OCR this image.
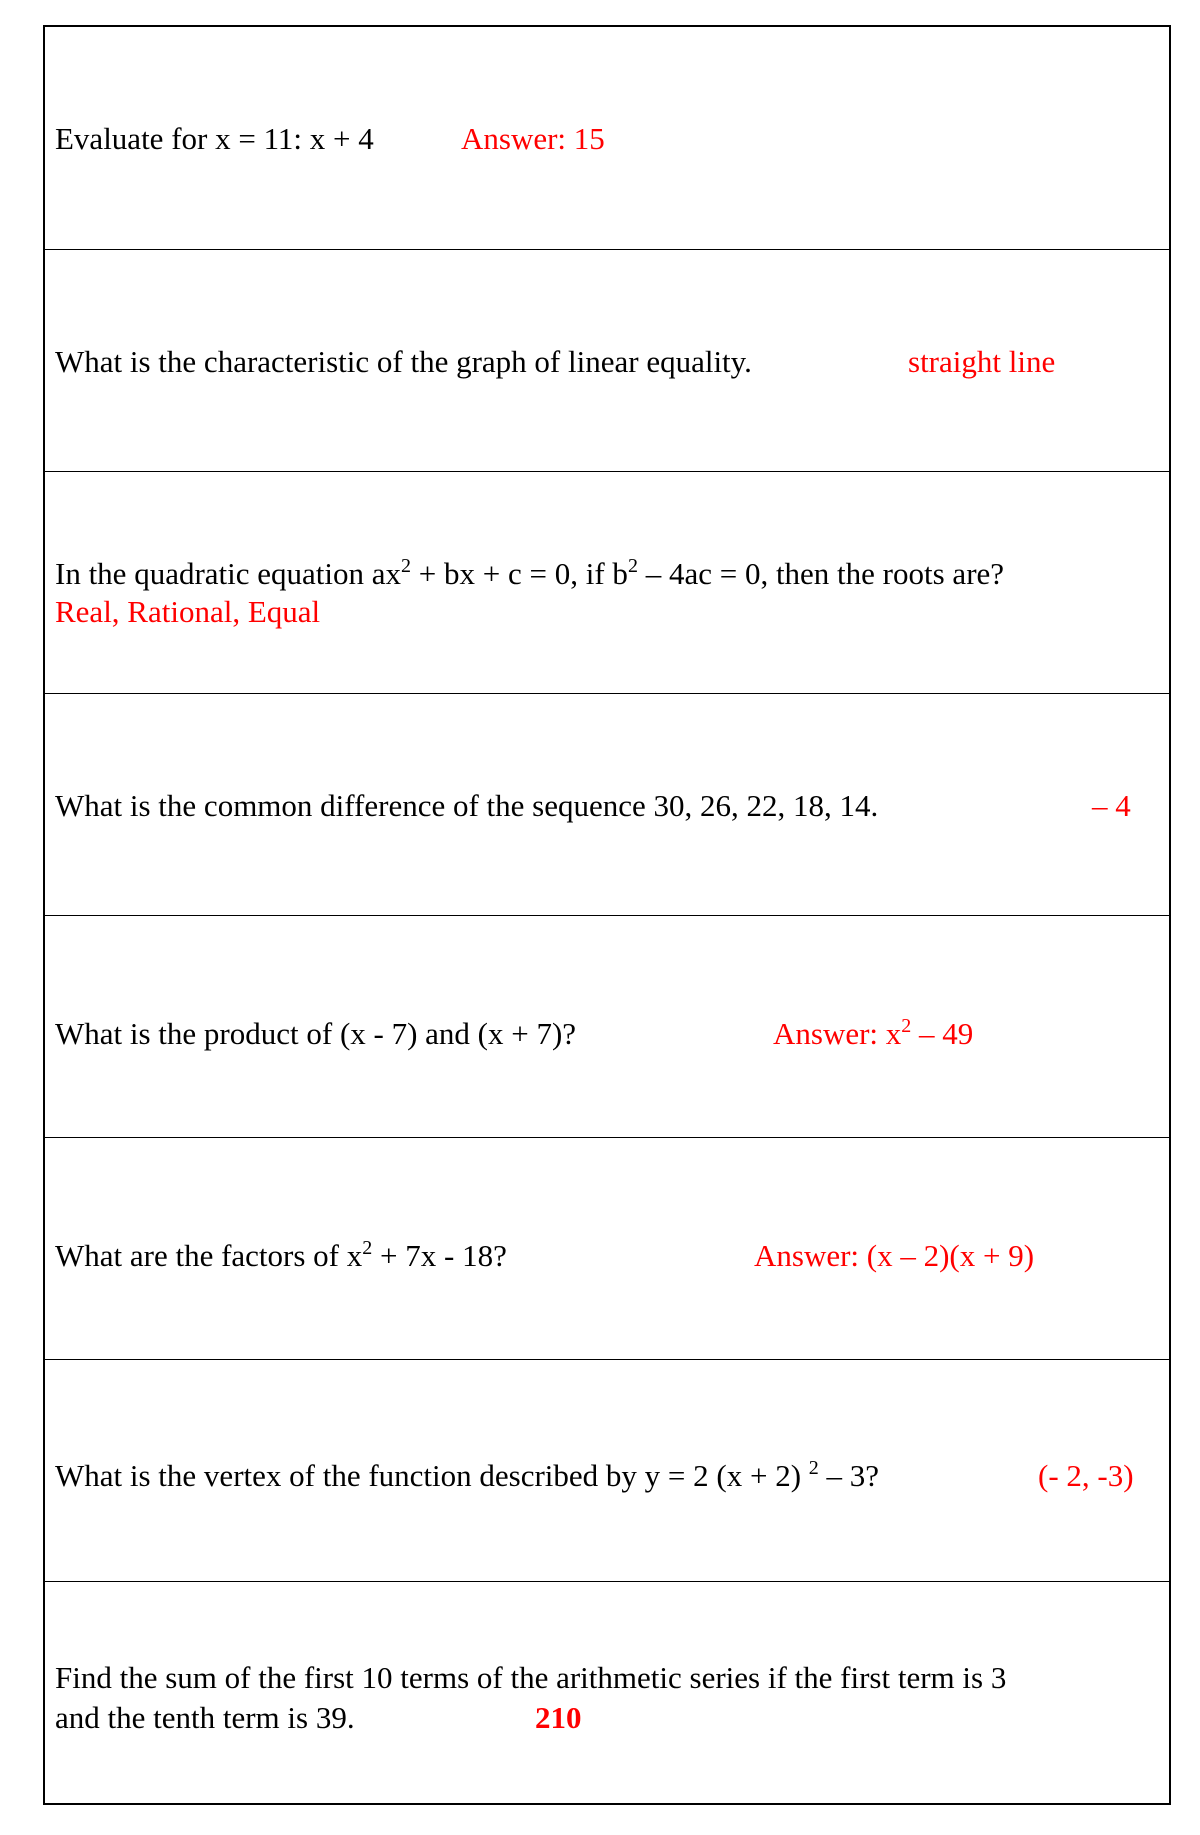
Evaluate for x = 11: x + 4	Answer: 15
What is the characteristic of the graph of linear equality.	straight line
In the quadratic equation $ax^2$ + bx + c = 0, if $b^2 - 4ac = 0$, then the roots are?
Real, Rational, Equal
What is the common difference of the sequence 30, 26, 22, 18, 14.	– 4
What is the product of (x - 7) and (x + 7)?	Answer: $x^2 - 49$
What are the factors of $x^2 + 7x - 18$?	Answer: (x – 2)(x + 9)
What is the vertex of the function described by y = 2 (x + 2) $^2$ – 3?	(- 2, -3)
Find the sum of the first 10 terms of the arithmetic series if the first term is 3
and the tenth term is 39.	210
